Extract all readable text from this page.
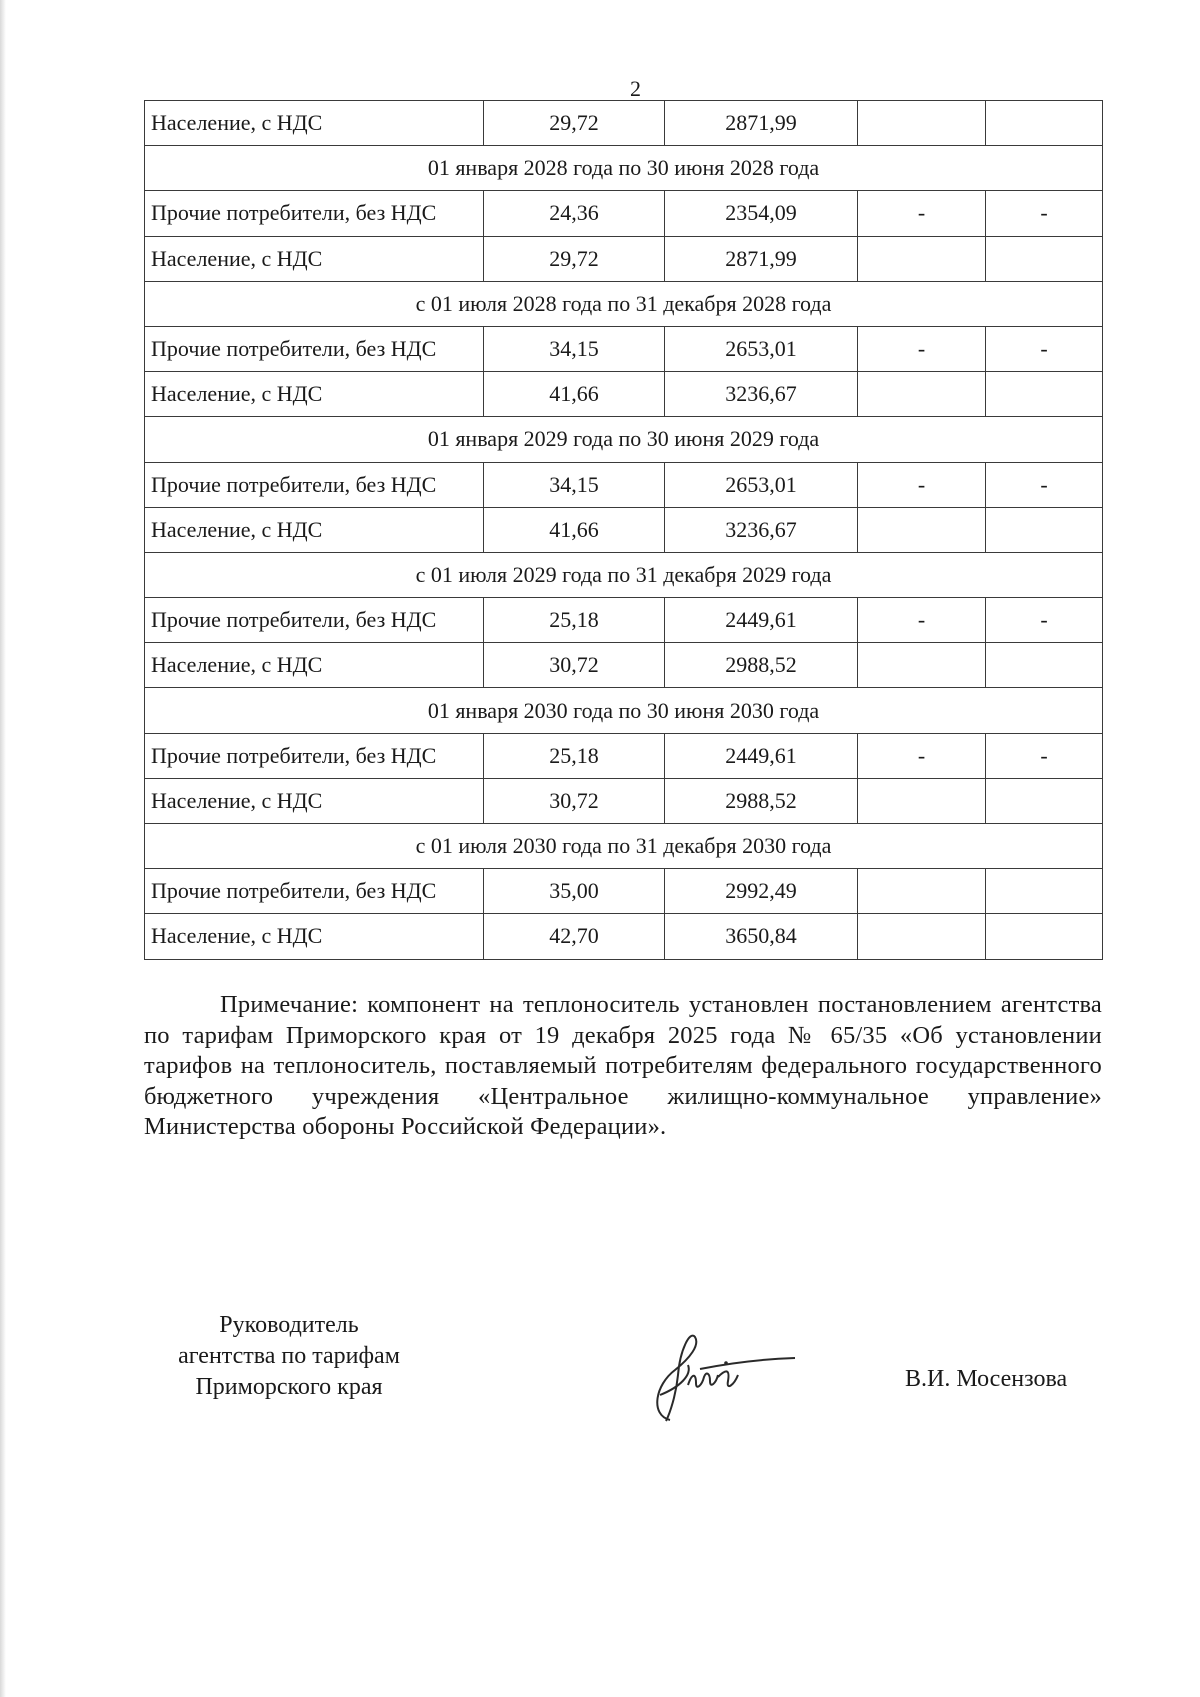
2
Население, с НДС	29,72	2871,99		
01 января 2028 года по 30 июня 2028 года				
Прочие потребители, без НДС	24,36	2354,09	-	-
Население, с НДС	29,72	2871,99		
с 01 июля 2028 года по 31 декабря 2028 года				
Прочие потребители, без НДС	34,15	2653,01	-	-
Население, с НДС	41,66	3236,67		
01 января 2029 года по 30 июня 2029 года				
Прочие потребители, без НДС	34,15	2653,01	-	-
Население, с НДС	41,66	3236,67		
с 01 июля 2029 года по 31 декабря 2029 года				
Прочие потребители, без НДС	25,18	2449,61	-	-
Население, с НДС	30,72	2988,52		
01 января 2030 года по 30 июня 2030 года				
Прочие потребители, без НДС	25,18	2449,61	-	-
Население, с НДС	30,72	2988,52		
с 01 июля 2030 года по 31 декабря 2030 года				
Прочие потребители, без НДС	35,00	2992,49		
Население, с НДС	42,70	3650,84		
Примечание: компонент на теплоноситель установлен постановлением агентства по тарифам Приморского края от 19 декабря 2025 года № 65/35 «Об установлении тарифов на теплоноситель, поставляемый потребителям федерального государственного бюджетного учреждения «Центральное жилищно-коммунальное управление» Министерства обороны Российской Федерации».
Руководитель
агентства по тарифам
Приморского края	В.И. Мосензова
